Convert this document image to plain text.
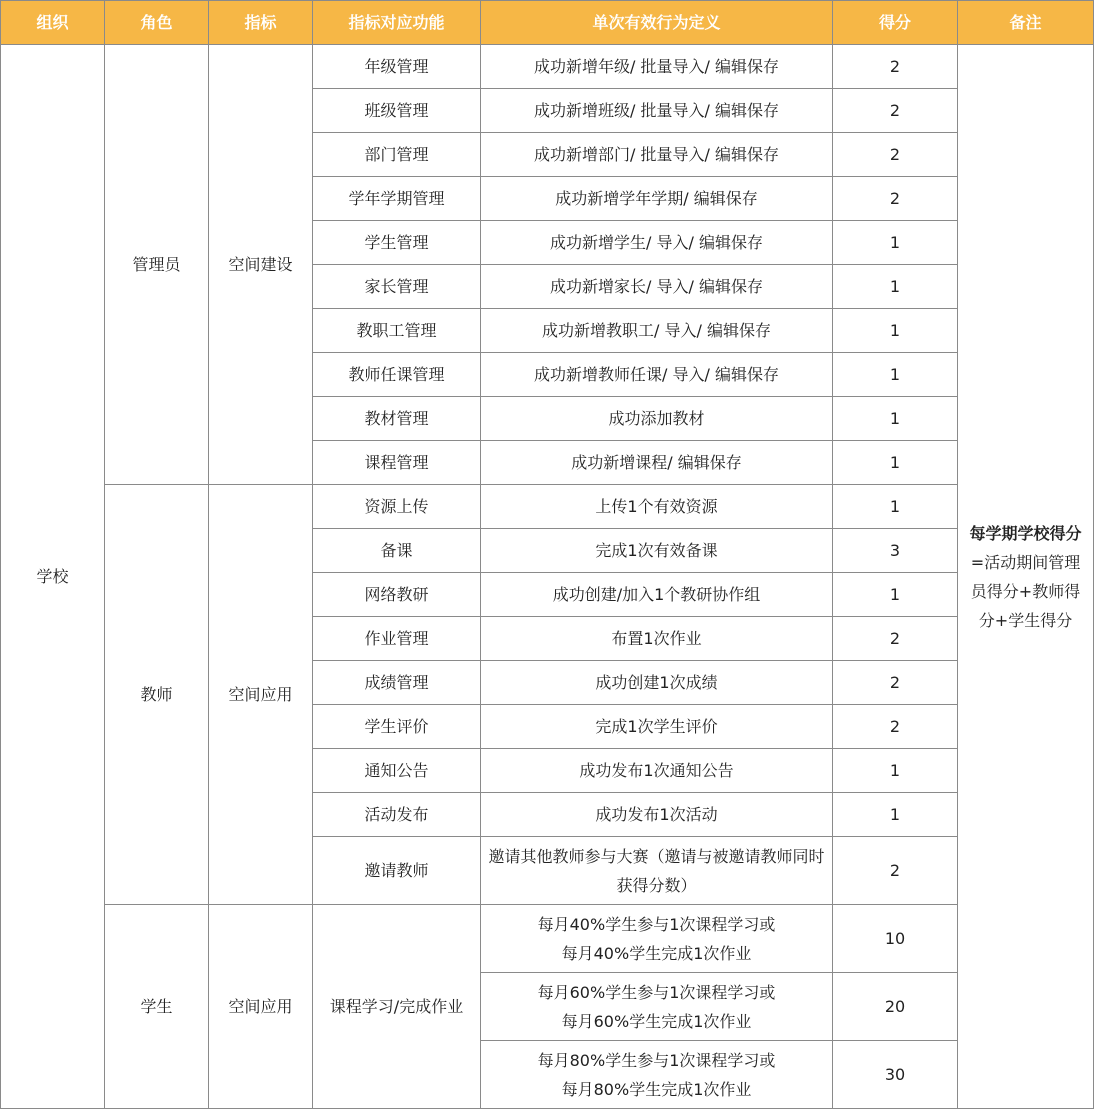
组织	角色	指标	指标对应功能	单次有效行为定义	得分	备注
学校	管理员	空间建设	年级管理	成功新增年级/ 批量导入/ 编辑保存	2	每学期学校得分
=活动期间管理员得分+教师得分+学生得分
			班级管理	成功新增班级/ 批量导入/ 编辑保存	2	
			部门管理	成功新增部门/ 批量导入/ 编辑保存	2	
			学年学期管理	成功新增学年学期/ 编辑保存	2	
			学生管理	成功新增学生/ 导入/ 编辑保存	1	
			家长管理	成功新增家长/ 导入/ 编辑保存	1	
			教职工管理	成功新增教职工/ 导入/ 编辑保存	1	
			教师任课管理	成功新增教师任课/ 导入/ 编辑保存	1	
			教材管理	成功添加教材	1	
			课程管理	成功新增课程/ 编辑保存	1	
	教师	空间应用	资源上传	上传1个有效资源	1	
			备课	完成1次有效备课	3	
			网络教研	成功创建/加入1个教研协作组	1	
			作业管理	布置1次作业	2	
			成绩管理	成功创建1次成绩	2	
			学生评价	完成1次学生评价	2	
			通知公告	成功发布1次通知公告	1	
			活动发布	成功发布1次活动	1	
			邀请教师	邀请其他教师参与大赛（邀请与被邀请教师同时获得分数）	2	
	学生	空间应用	课程学习/完成作业	每月40%学生参与1次课程学习或
每月40%学生完成1次作业	10	
				每月60%学生参与1次课程学习或
每月60%学生完成1次作业	20	
				每月80%学生参与1次课程学习或
每月80%学生完成1次作业	30	
